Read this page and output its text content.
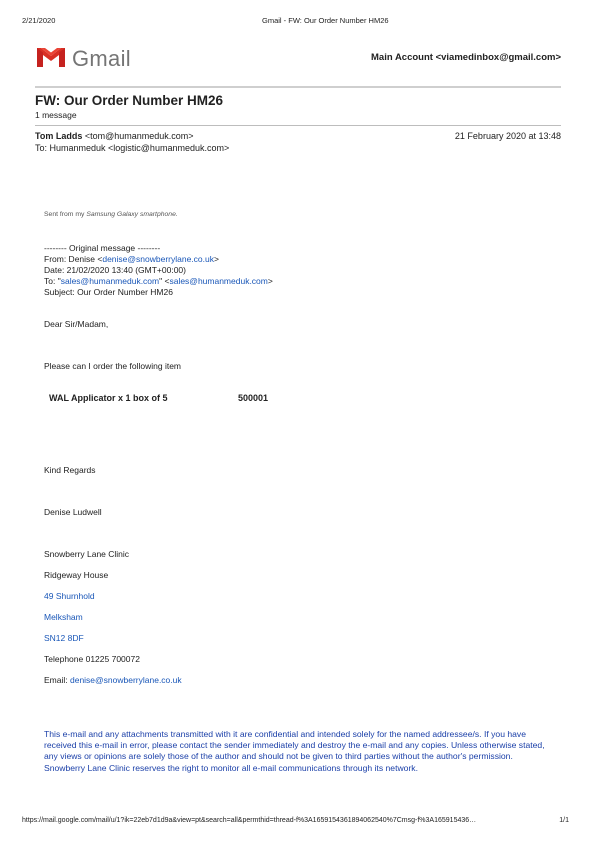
2/21/2020	Gmail - FW: Our Order Number HM26
Gmail	Main Account <viamedinbox@gmail.com>
FW: Our Order Number HM26
1 message
Tom Ladds <tom@humanmeduk.com>	21 February 2020 at 13:48
To: Humanmeduk <logistic@humanmeduk.com>
Sent from my Samsung Galaxy smartphone.
-------- Original message --------
From: Denise <denise@snowberrylane.co.uk>
Date: 21/02/2020 13:40 (GMT+00:00)
To: "sales@humanmeduk.com" <sales@humanmeduk.com>
Subject: Our Order Number HM26
Dear Sir/Madam,
Please can I order the following item
WAL Applicator x 1 box of 5	500001
Kind Regards
Denise Ludwell
Snowberry Lane Clinic
Ridgeway House
49 Shurnhold
Melksham
SN12 8DF
Telephone 01225 700072
Email: denise@snowberrylane.co.uk
This e-mail and any attachments transmitted with it are confidential and intended solely for the named addressee/s. If you have received this e-mail in error, please contact the sender immediately and destroy the e-mail and any copies. Unless otherwise stated, any views or opinions are solely those of the author and should not be given to third parties without the author's permission. Snowberry Lane Clinic reserves the right to monitor all e-mail communications through its network.
https://mail.google.com/mail/u/1?ik=22eb7d1d9a&view=pt&search=all&permthid=thread-f%3A1659154361894062540%7Cmsg-f%3A165915436…	1/1
